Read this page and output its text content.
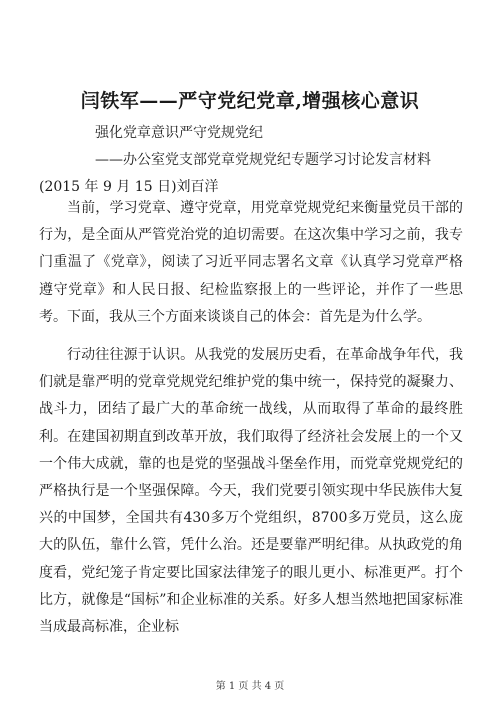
闫铁军——严守党纪党章,增强核心意识

强化党章意识严守党规党纪

——办公室党支部党章党规党纪专题学习讨论发言材料

(2015 年 9 月 15 日)刘百洋

当前，学习党章、遵守党章，用党章党规党纪来衡量党员干部的行为，是全面从严管党治党的迫切需要。在这次集中学习之前，我专门重温了《党章》，阅读了习近平同志署名文章《认真学习党章严格遵守党章》和人民日报、纪检监察报上的一些评论，并作了一些思考。下面，我从三个方面来谈谈自己的体会：首先是为什么学。

行动往往源于认识。从我党的发展历史看，在革命战争年代，我们就是靠严明的党章党规党纪维护党的集中统一，保持党的凝聚力、战斗力，团结了最广大的革命统一战线，从而取得了革命的最终胜利。在建国初期直到改革开放，我们取得了经济社会发展上的一个又一个伟大成就，靠的也是党的坚强战斗堡垒作用，而党章党规党纪的严格执行是一个坚强保障。今天，我们党要引领实现中华民族伟大复兴的中国梦，全国共有430多万个党组织，8700多万党员，这么庞大的队伍，靠什么管，凭什么治。还是要靠严明纪律。从执政党的角度看，党纪笼子肯定要比国家法律笼子的眼儿更小、标准更严。打个比方，就像是“国标”和企业标准的关系。好多人想当然地把国家标准当成最高标准，企业标

第 1 页 共 4 页
